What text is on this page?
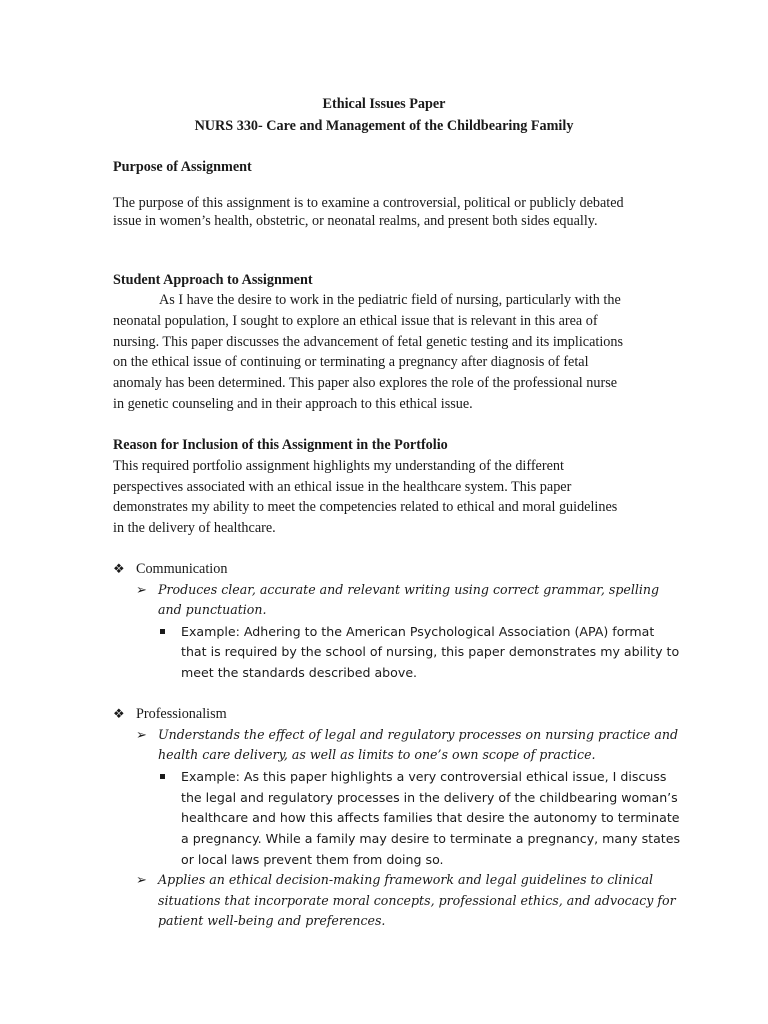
Ethical Issues Paper
NURS 330- Care and Management of the Childbearing Family
Purpose of Assignment
The purpose of this assignment is to examine a controversial, political or publicly debated
issue in women’s health, obstetric, or neonatal realms, and present both sides equally.
Student Approach to Assignment
As I have the desire to work in the pediatric field of nursing, particularly with the
neonatal population, I sought to explore an ethical issue that is relevant in this area of
nursing. This paper discusses the advancement of fetal genetic testing and its implications
on the ethical issue of continuing or terminating a pregnancy after diagnosis of fetal
anomaly has been determined. This paper also explores the role of the professional nurse
in genetic counseling and in their approach to this ethical issue.
Reason for Inclusion of this Assignment in the Portfolio
This required portfolio assignment highlights my understanding of the different
perspectives associated with an ethical issue in the healthcare system. This paper
demonstrates my ability to meet the competencies related to ethical and moral guidelines
in the delivery of healthcare.
❖ Communication
➢ Produces clear, accurate and relevant writing using correct grammar, spelling
and punctuation.
Example: Adhering to the American Psychological Association (APA) format
that is required by the school of nursing, this paper demonstrates my ability to
meet the standards described above.
❖ Professionalism
➢ Understands the effect of legal and regulatory processes on nursing practice and
health care delivery, as well as limits to one’s own scope of practice.
Example: As this paper highlights a very controversial ethical issue, I discuss
the legal and regulatory processes in the delivery of the childbearing woman’s
healthcare and how this affects families that desire the autonomy to terminate
a pregnancy. While a family may desire to terminate a pregnancy, many states
or local laws prevent them from doing so.
➢ Applies an ethical decision-making framework and legal guidelines to clinical
situations that incorporate moral concepts, professional ethics, and advocacy for
patient well-being and preferences.
